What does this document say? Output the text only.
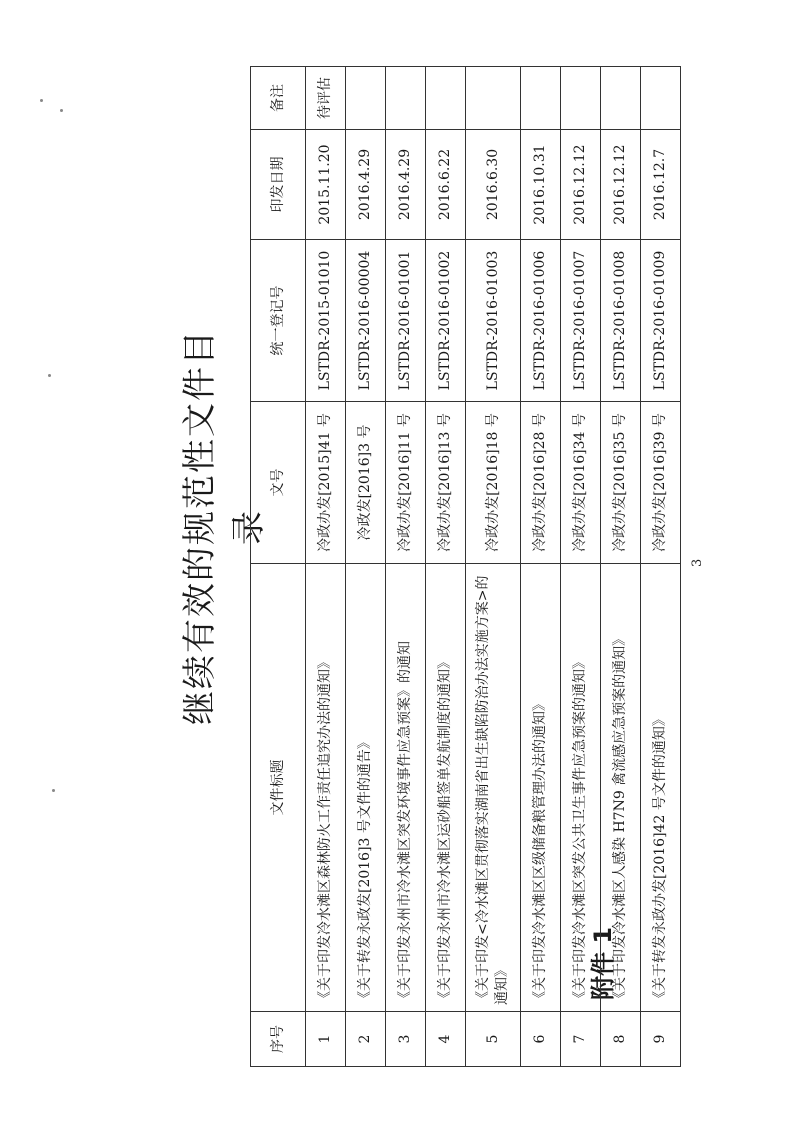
附件 1
继续有效的规范性文件目录
序号	文件标题	文号	统一登记号	印发日期	备注
1	《关于印发冷水滩区森林防火工作责任追究办法的通知》	冷政办发[2015]41 号	LSTDR-2015-01010	2015.11.20	待评估
2	《关于转发永政发[2016]3 号文件的通告》	冷政发[2016]3 号	LSTDR-2016-00004	2016.4.29	
3	《关于印发永州市冷水滩区突发环境事件应急预案》的通知	冷政办发[2016]11 号	LSTDR-2016-01001	2016.4.29	
4	《关于印发永州市冷水滩区运砂船签单发航制度的通知》	冷政办发[2016]13 号	LSTDR-2016-01002	2016.6.22	
5	《关于印发<冷水滩区贯彻落实湖南省出生缺陷防治办法实施方案>的通知》	冷政办发[2016]18 号	LSTDR-2016-01003	2016.6.30	
6	《关于印发冷水滩区区级储备粮管理办法的通知》	冷政办发[2016]28 号	LSTDR-2016-01006	2016.10.31	
7	《关于印发冷水滩区突发公共卫生事件应急预案的通知》	冷政办发[2016]34 号	LSTDR-2016-01007	2016.12.12	
8	《关于印发冷水滩区人感染 H7N9 禽流感应急预案的通知》	冷政办发[2016]35 号	LSTDR-2016-01008	2016.12.12	
9	《关于转发永政办发[2016]42 号文件的通知》	冷政办发[2016]39 号	LSTDR-2016-01009	2016.12.7	
3
